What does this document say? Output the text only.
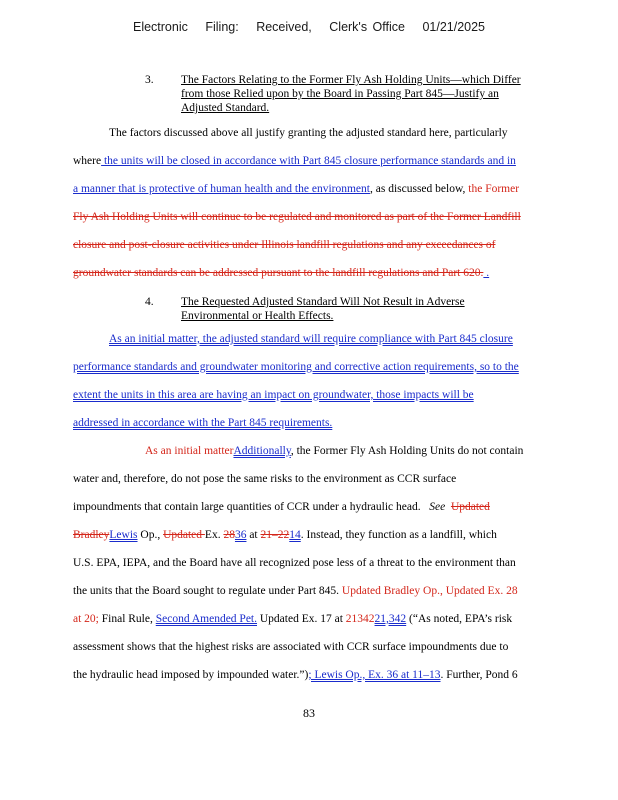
Electronic Filing: Received, Clerk's Office 01/21/2025
3. The Factors Relating to the Former Fly Ash Holding Units—which Differ
from those Relied upon by the Board in Passing Part 845—Justify an
Adjusted Standard.
The factors discussed above all justify granting the adjusted standard here, particularly
where the units will be closed in accordance with Part 845 closure performance standards and in
a manner that is protective of human health and the environment, as discussed below, the Former
Fly Ash Holding Units will continue to be regulated and monitored as part of the Former Landfill
closure and post-closure activities under Illinois landfill regulations and any exceedances of
groundwater standards can be addressed pursuant to the landfill regulations and Part 620. .
4. The Requested Adjusted Standard Will Not Result in Adverse
Environmental or Health Effects.
As an initial matter, the adjusted standard will require compliance with Part 845 closure
performance standards and groundwater monitoring and corrective action requirements, so to the
extent the units in this area are having an impact on groundwater, those impacts will be
addressed in accordance with the Part 845 requirements.
As an initial matterAdditionally, the Former Fly Ash Holding Units do not contain
water and, therefore, do not pose the same risks to the environment as CCR surface
impoundments that contain large quantities of CCR under a hydraulic head. See Updated
BradleyLewis Op., Updated Ex. 2836 at 21–2214. Instead, they function as a landfill, which
U.S. EPA, IEPA, and the Board have all recognized pose less of a threat to the environment than
the units that the Board sought to regulate under Part 845. Updated Bradley Op., Updated Ex. 28
at 20; Final Rule, Second Amended Pet. Updated Ex. 17 at 2134221,342 (“As noted, EPA’s risk
assessment shows that the highest risks are associated with CCR surface impoundments due to
the hydraulic head imposed by impounded water.”); Lewis Op., Ex. 36 at 11–13. Further, Pond 6
83
